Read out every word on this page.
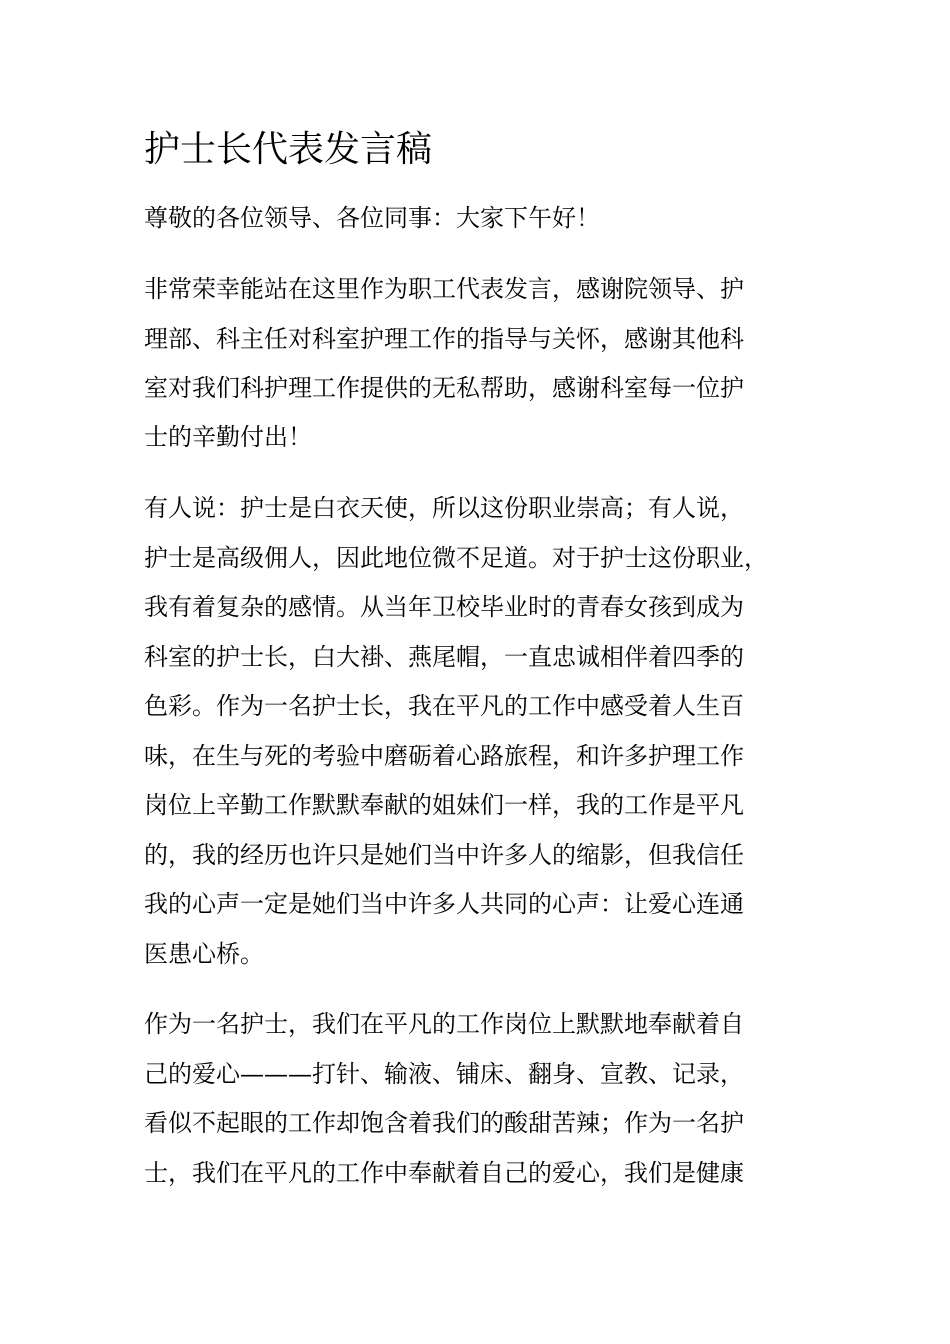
护士长代表发言稿

尊敬的各位领导、各位同事：大家下午好！

非常荣幸能站在这里作为职工代表发言，感谢院领导、护

理部、科主任对科室护理工作的指导与关怀，感谢其他科

室对我们科护理工作提供的无私帮助，感谢科室每一位护

士的辛勤付出！

有人说：护士是白衣天使，所以这份职业崇高；有人说，

护士是高级佣人，因此地位微不足道。对于护士这份职业，

我有着复杂的感情。从当年卫校毕业时的青春女孩到成为

科室的护士长，白大褂、燕尾帽，一直忠诚相伴着四季的

色彩。作为一名护士长，我在平凡的工作中感受着人生百

味，在生与死的考验中磨砺着心路旅程，和许多护理工作

岗位上辛勤工作默默奉献的姐妹们一样，我的工作是平凡

的，我的经历也许只是她们当中许多人的缩影，但我信任

我的心声一定是她们当中许多人共同的心声：让爱心连通

医患心桥。

作为一名护士，我们在平凡的工作岗位上默默地奉献着自

己的爱心———打针、输液、铺床、翻身、宣教、记录，

看似不起眼的工作却饱含着我们的酸甜苦辣；作为一名护

士，我们在平凡的工作中奉献着自己的爱心，我们是健康
